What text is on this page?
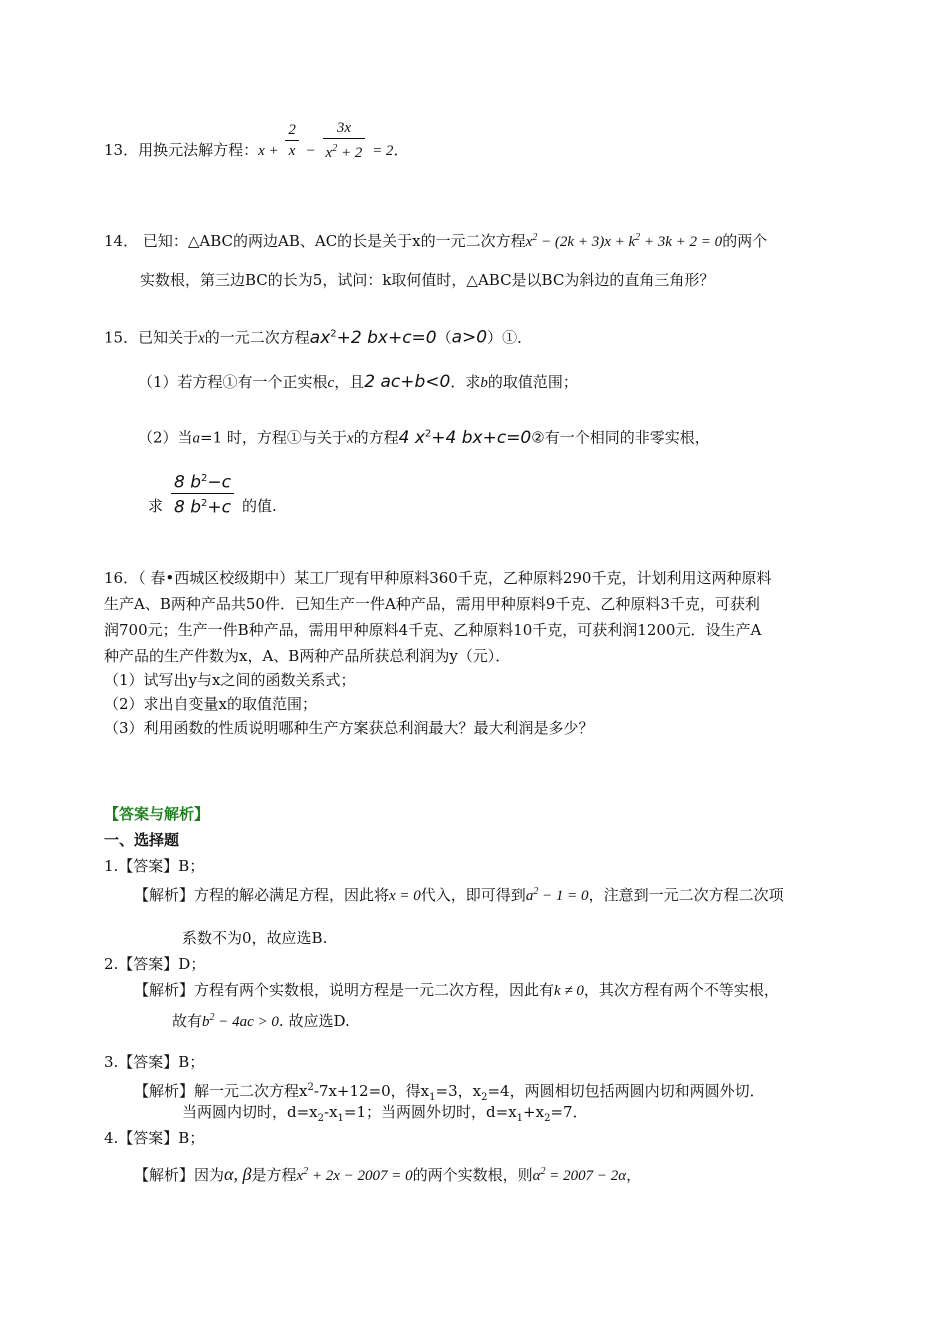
13．用换元法解方程：$x + \frac{2}{x} - \frac{3x}{x^2 + 2} = 2$．
14． 已知：△ABC的两边AB、AC的长是关于x的一元二次方程$x^2 - (2k + 3)x + k^2 + 3k + 2 = 0$的两个
实数根，第三边BC的长为5，试问：k取何值时，△ABC是以BC为斜边的直角三角形？
15．已知关于x的一元二次方程$ax^2+2$ bx+c=0（a>0）①．
（1）若方程①有一个正实根c，且2 ac+b<0．求b的取值范围；
（2）当a=1 时，方程①与关于x的方程4 $x^2+4$ bx+c=0②有一个相同的非零实根，
求 $\frac{8 b^2-c}{8 b^2+c}$ 的值.
16．（ 春•西城区校级期中）某工厂现有甲种原料360千克，乙种原料290千克，计划利用这两种原料
生产A、B两种产品共50件．已知生产一件A种产品，需用甲种原料9千克、乙种原料3千克，可获利
润700元；生产一件B种产品，需用甲种原料4千克、乙种原料10千克，可获利润1200元．设生产A
种产品的生产件数为x，A、B两种产品所获总利润为y（元）．
（1）试写出y与x之间的函数关系式；
（2）求出自变量x的取值范围；
（3）利用函数的性质说明哪种生产方案获总利润最大？最大利润是多少？
【答案与解析】
一、选择题
1.【答案】B；
【解析】方程的解必满足方程，因此将x = 0代入，即可得到$a^2 - 1 = 0$，注意到一元二次方程二次项
系数不为0，故应选B.
2.【答案】D；
【解析】方程有两个实数根，说明方程是一元二次方程，因此有k ≠ 0，其次方程有两个不等实根，
故有$b^2 - 4ac > 0$. 故应选D.
3.【答案】B；
【解析】解一元二次方程$x^2-7x+12=0$，得$x_1=3$，$x_2=4$，两圆相切包括两圆内切和两圆外切．
当两圆内切时，$d=x_2-x_1=1$；当两圆外切时，$d=x_1+x_2=7$．
4.【答案】B；
【解析】因为α, β是方程$x^2 + 2x - 2007 = 0$的两个实数根，则$\alpha^2 = 2007 - 2\alpha$，
